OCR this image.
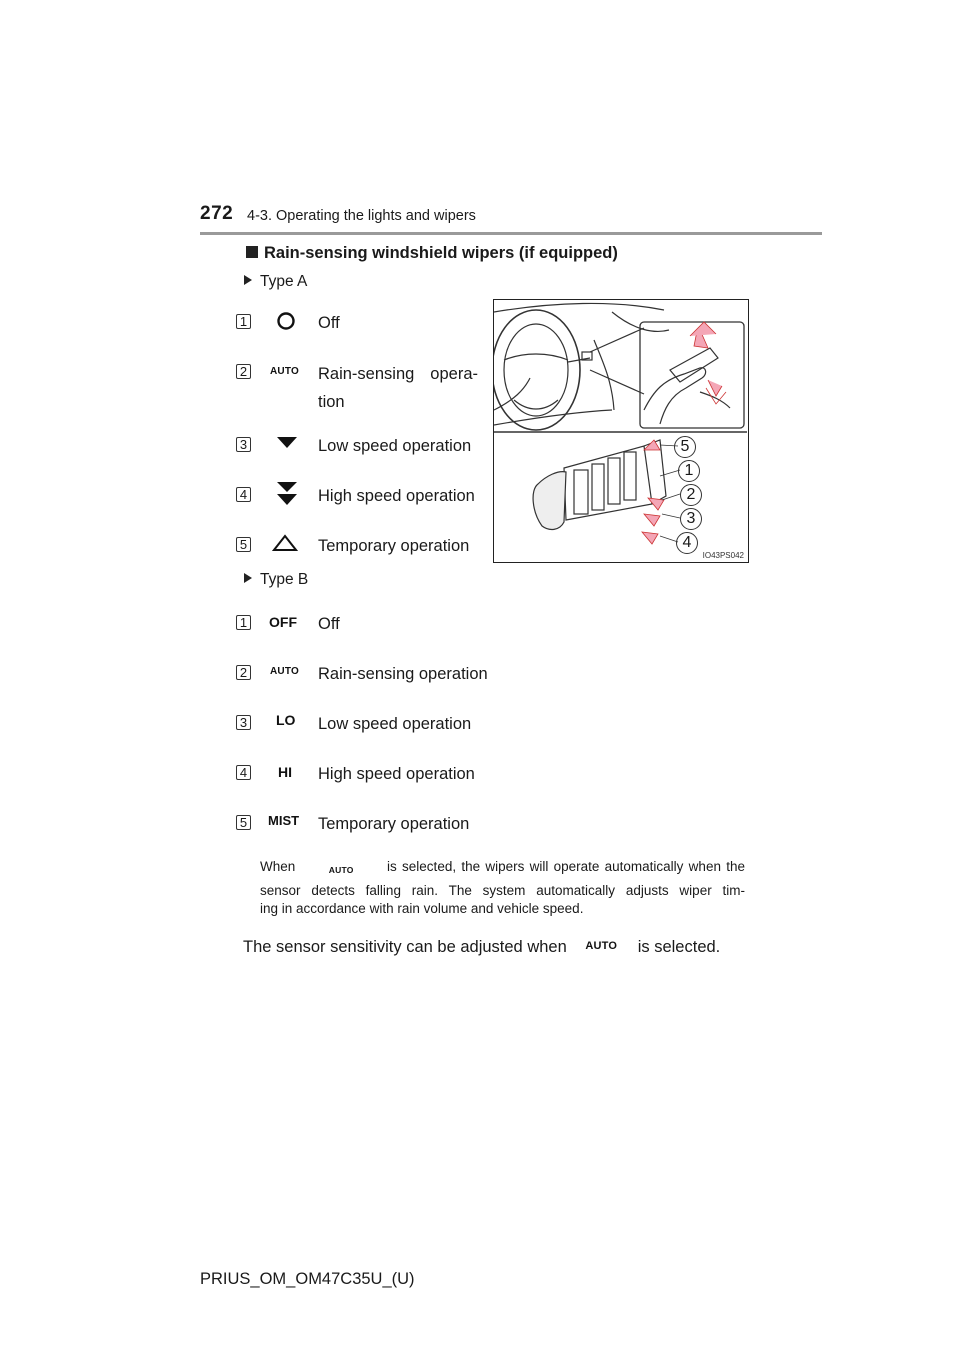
272 4-3. Operating the lights and wipers
Rain-sensing windshield wipers (if equipped)
Type A
1	Off
2	AUTO Rain-sensing opera-
tion
3	Low speed operation
4	High speed operation
5	Temporary operation
5
1
2
3
4
IO43PS042
Type B
1 OFF Off
2	AUTO Rain-sensing operation
3 LO Low speed operation
4 HI High speed operation
5 MIST Temporary operation
When	AUTO is selected, the wipers will operate automatically when the
sensor detects falling rain. The system automatically adjusts wiper tim-
ing in accordance with rain volume and vehicle speed.
The sensor sensitivity can be adjusted when AUTO is selected.
PRIUS_OM_OM47C35U_(U)
